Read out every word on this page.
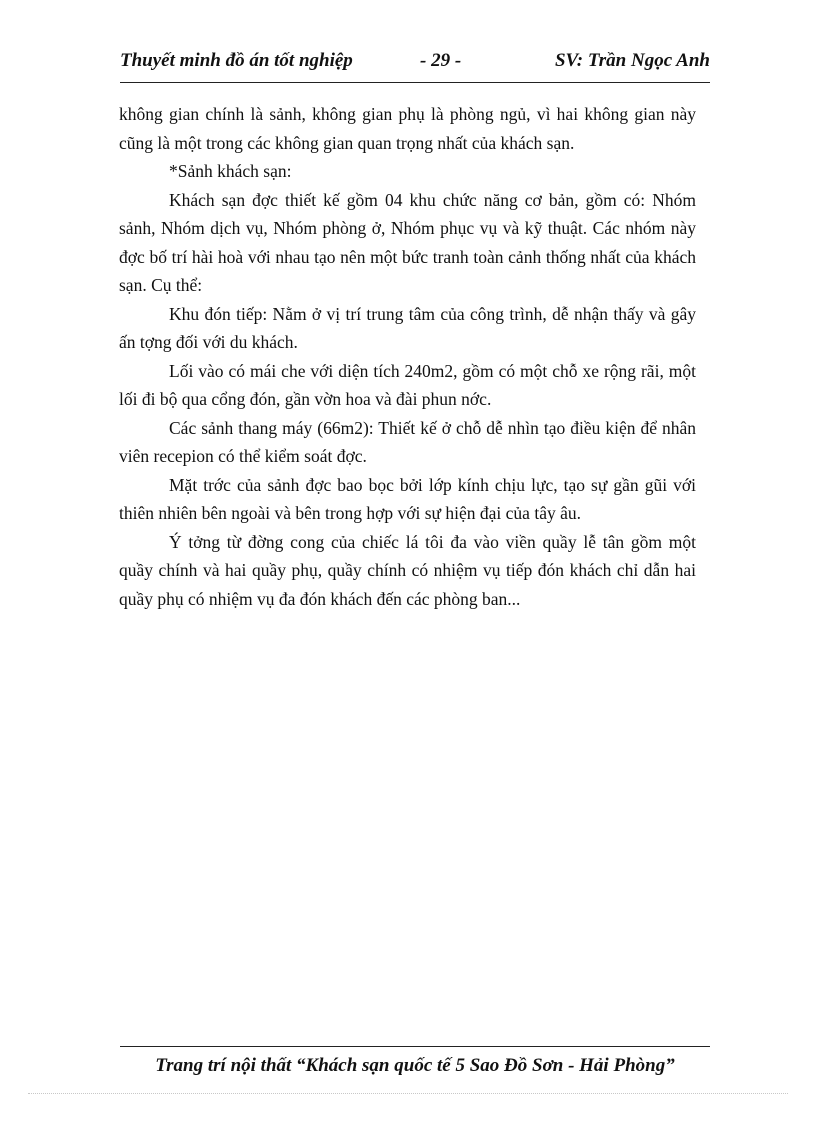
Thuyết minh đồ án tốt nghiệp	- 29 -	SV: Trần Ngọc Anh

không gian chính là sảnh, không gian phụ là phòng ngủ, vì hai không gian này cũng là một trong các không gian quan trọng nhất của khách sạn.

*Sảnh khách sạn:

Khách sạn đợc thiết kế gồm 04 khu chức năng cơ bản, gồm có: Nhóm sảnh, Nhóm dịch vụ, Nhóm phòng ở, Nhóm phục vụ và kỹ thuật. Các nhóm này đợc bố trí hài hoà với nhau tạo nên một bức tranh toàn cảnh thống nhất của khách sạn. Cụ thể:

Khu đón tiếp: Nằm ở vị trí trung tâm của công trình, dễ nhận thấy và gây ấn tợng đối với du khách.

Lối vào có mái che với diện tích 240m2, gồm có một chỗ xe rộng rãi, một lối đi bộ qua cổng đón, gần vờn hoa và đài phun nớc.

Các sảnh thang máy (66m2): Thiết kế ở chỗ dễ nhìn tạo điều kiện để nhân viên recepion có thể kiểm soát đợc.

Mặt trớc của sảnh đợc bao bọc bởi lớp kính chịu lực, tạo sự gần gũi với thiên nhiên bên ngoài và bên trong hợp với sự hiện đại của tây âu.

Ý tởng từ đờng cong của chiếc lá tôi đa vào viền quầy lễ tân gồm một quầy chính và hai quầy phụ, quầy chính có nhiệm vụ tiếp đón khách chỉ dẫn hai quầy phụ có nhiệm vụ đa đón khách đến các phòng ban...

Trang trí nội thất “Khách sạn quốc tế 5 Sao Đồ Sơn - Hải Phòng”
